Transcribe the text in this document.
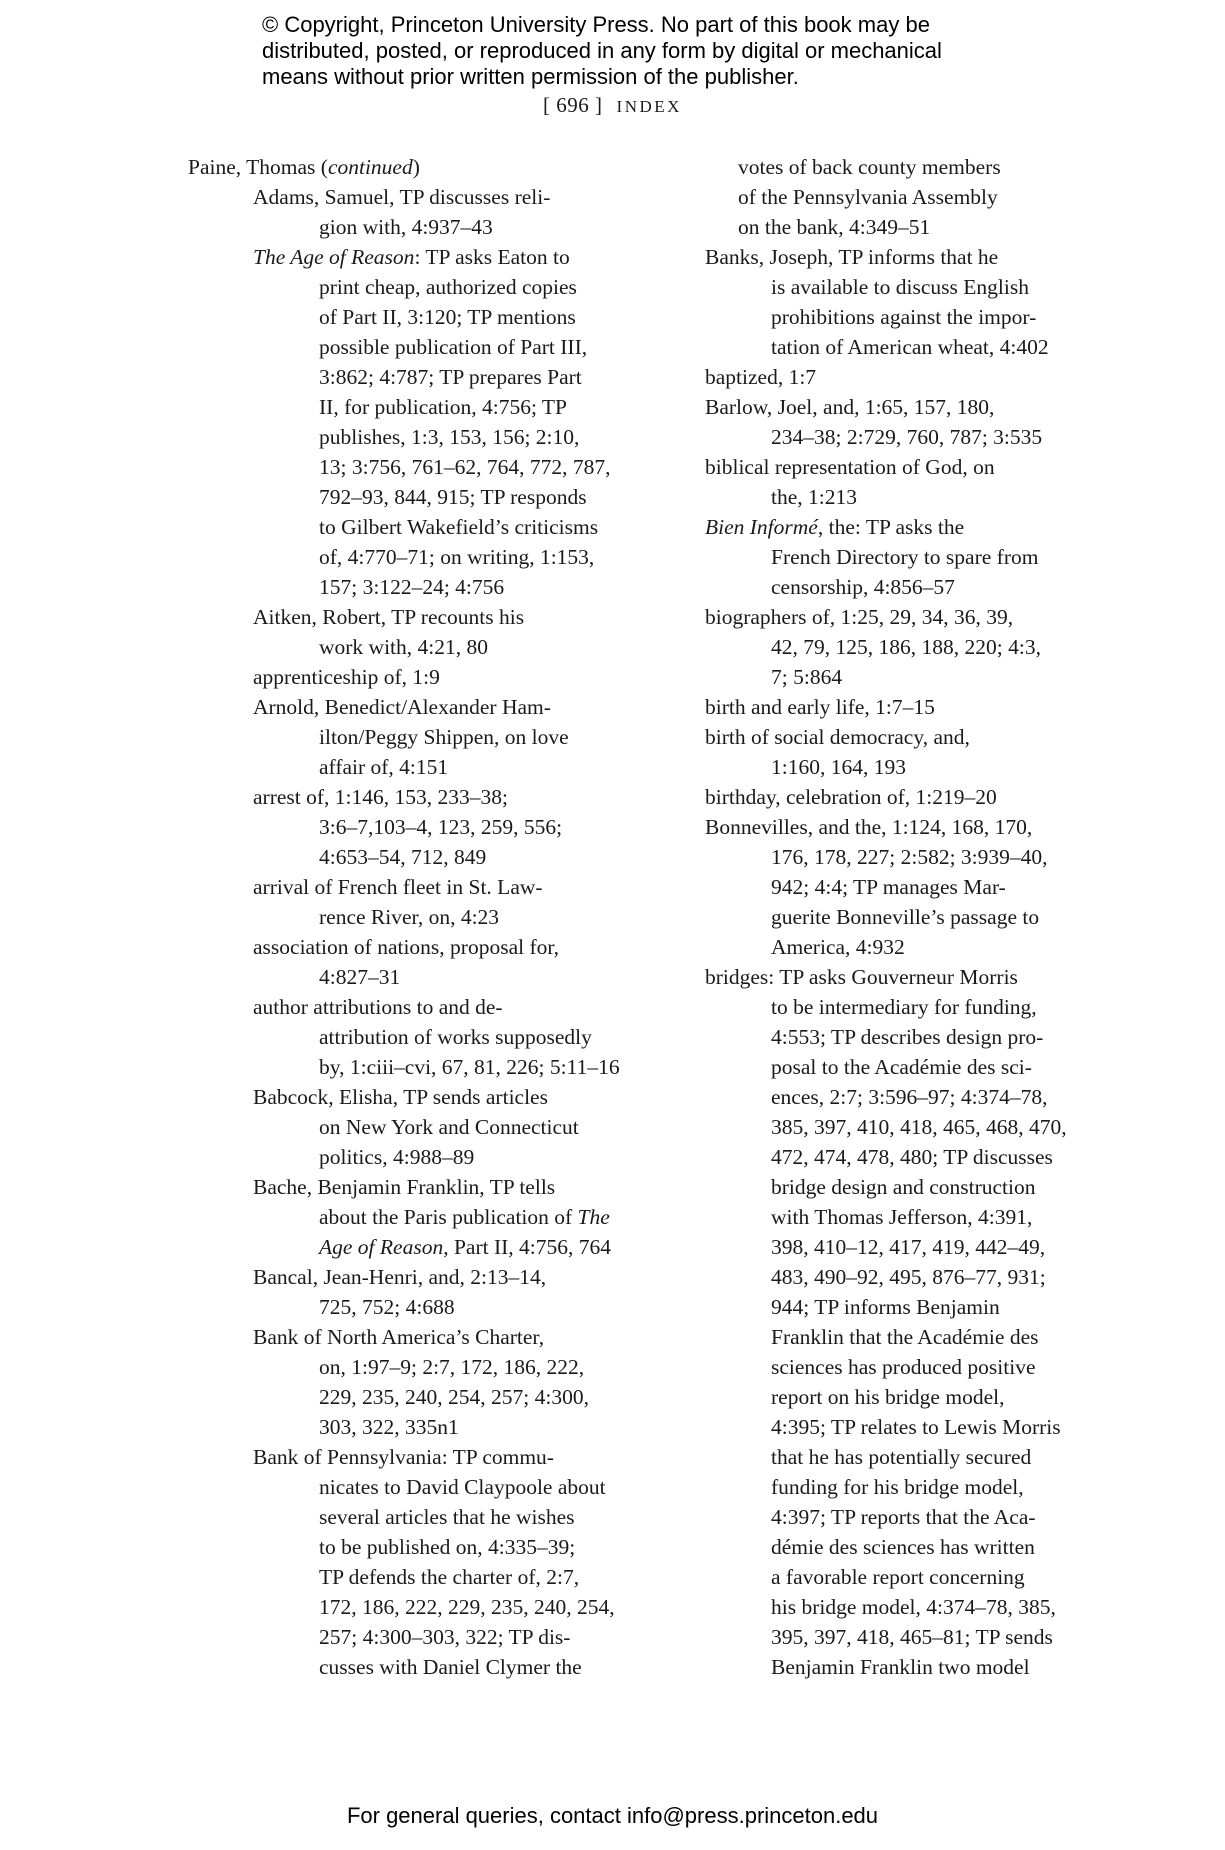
© Copyright, Princeton University Press. No part of this book may be
distributed, posted, or reproduced in any form by digital or mechanical
means without prior written permission of the publisher.
[ 696 ] INDEX
Paine, Thomas (continued)
Adams, Samuel, TP discusses reli-
gion with, 4:937–43
The Age of Reason: TP asks Eaton to
print cheap, authorized copies
of Part II, 3:120; TP mentions
possible publication of Part III,
3:862; 4:787; TP prepares Part
II, for publication, 4:756; TP
publishes, 1:3, 153, 156; 2:10,
13; 3:756, 761–62, 764, 772, 787,
792–93, 844, 915; TP responds
to Gilbert Wakefield’s criticisms
of, 4:770–71; on writing, 1:153,
157; 3:122–24; 4:756
Aitken, Robert, TP recounts his
work with, 4:21, 80
apprenticeship of, 1:9
Arnold, Benedict/Alexander Ham-
ilton/Peggy Shippen, on love
affair of, 4:151
arrest of, 1:146, 153, 233–38;
3:6–7,103–4, 123, 259, 556;
4:653–54, 712, 849
arrival of French fleet in St. Law-
rence River, on, 4:23
association of nations, proposal for,
4:827–31
author attributions to and de-
attribution of works supposedly
by, 1:ciii–cvi, 67, 81, 226; 5:11–16
Babcock, Elisha, TP sends articles
on New York and Connecticut
politics, 4:988–89
Bache, Benjamin Franklin, TP tells
about the Paris publication of The
Age of Reason, Part II, 4:756, 764
Bancal, Jean-Henri, and, 2:13–14,
725, 752; 4:688
Bank of North America’s Charter,
on, 1:97–9; 2:7, 172, 186, 222,
229, 235, 240, 254, 257; 4:300,
303, 322, 335n1
Bank of Pennsylvania: TP commu-
nicates to David Claypoole about
several articles that he wishes
to be published on, 4:335–39;
TP defends the charter of, 2:7,
172, 186, 222, 229, 235, 240, 254,
257; 4:300–303, 322; TP dis-
cusses with Daniel Clymer the
votes of back county members
of the Pennsylvania Assembly
on the bank, 4:349–51
Banks, Joseph, TP informs that he
is available to discuss English
prohibitions against the impor-
tation of American wheat, 4:402
baptized, 1:7
Barlow, Joel, and, 1:65, 157, 180,
234–38; 2:729, 760, 787; 3:535
biblical representation of God, on
the, 1:213
Bien Informé, the: TP asks the
French Directory to spare from
censorship, 4:856–57
biographers of, 1:25, 29, 34, 36, 39,
42, 79, 125, 186, 188, 220; 4:3,
7; 5:864
birth and early life, 1:7–15
birth of social democracy, and,
1:160, 164, 193
birthday, celebration of, 1:219–20
Bonnevilles, and the, 1:124, 168, 170,
176, 178, 227; 2:582; 3:939–40,
942; 4:4; TP manages Mar-
guerite Bonneville’s passage to
America, 4:932
bridges: TP asks Gouverneur Morris
to be intermediary for funding,
4:553; TP describes design pro-
posal to the Académie des sci-
ences, 2:7; 3:596–97; 4:374–78,
385, 397, 410, 418, 465, 468, 470,
472, 474, 478, 480; TP discusses
bridge design and construction
with Thomas Jefferson, 4:391,
398, 410–12, 417, 419, 442–49,
483, 490–92, 495, 876–77, 931;
944; TP informs Benjamin
Franklin that the Académie des
sciences has produced positive
report on his bridge model,
4:395; TP relates to Lewis Morris
that he has potentially secured
funding for his bridge model,
4:397; TP reports that the Aca-
démie des sciences has written
a favorable report concerning
his bridge model, 4:374–78, 385,
395, 397, 418, 465–81; TP sends
Benjamin Franklin two model
For general queries, contact info@press.princeton.edu
